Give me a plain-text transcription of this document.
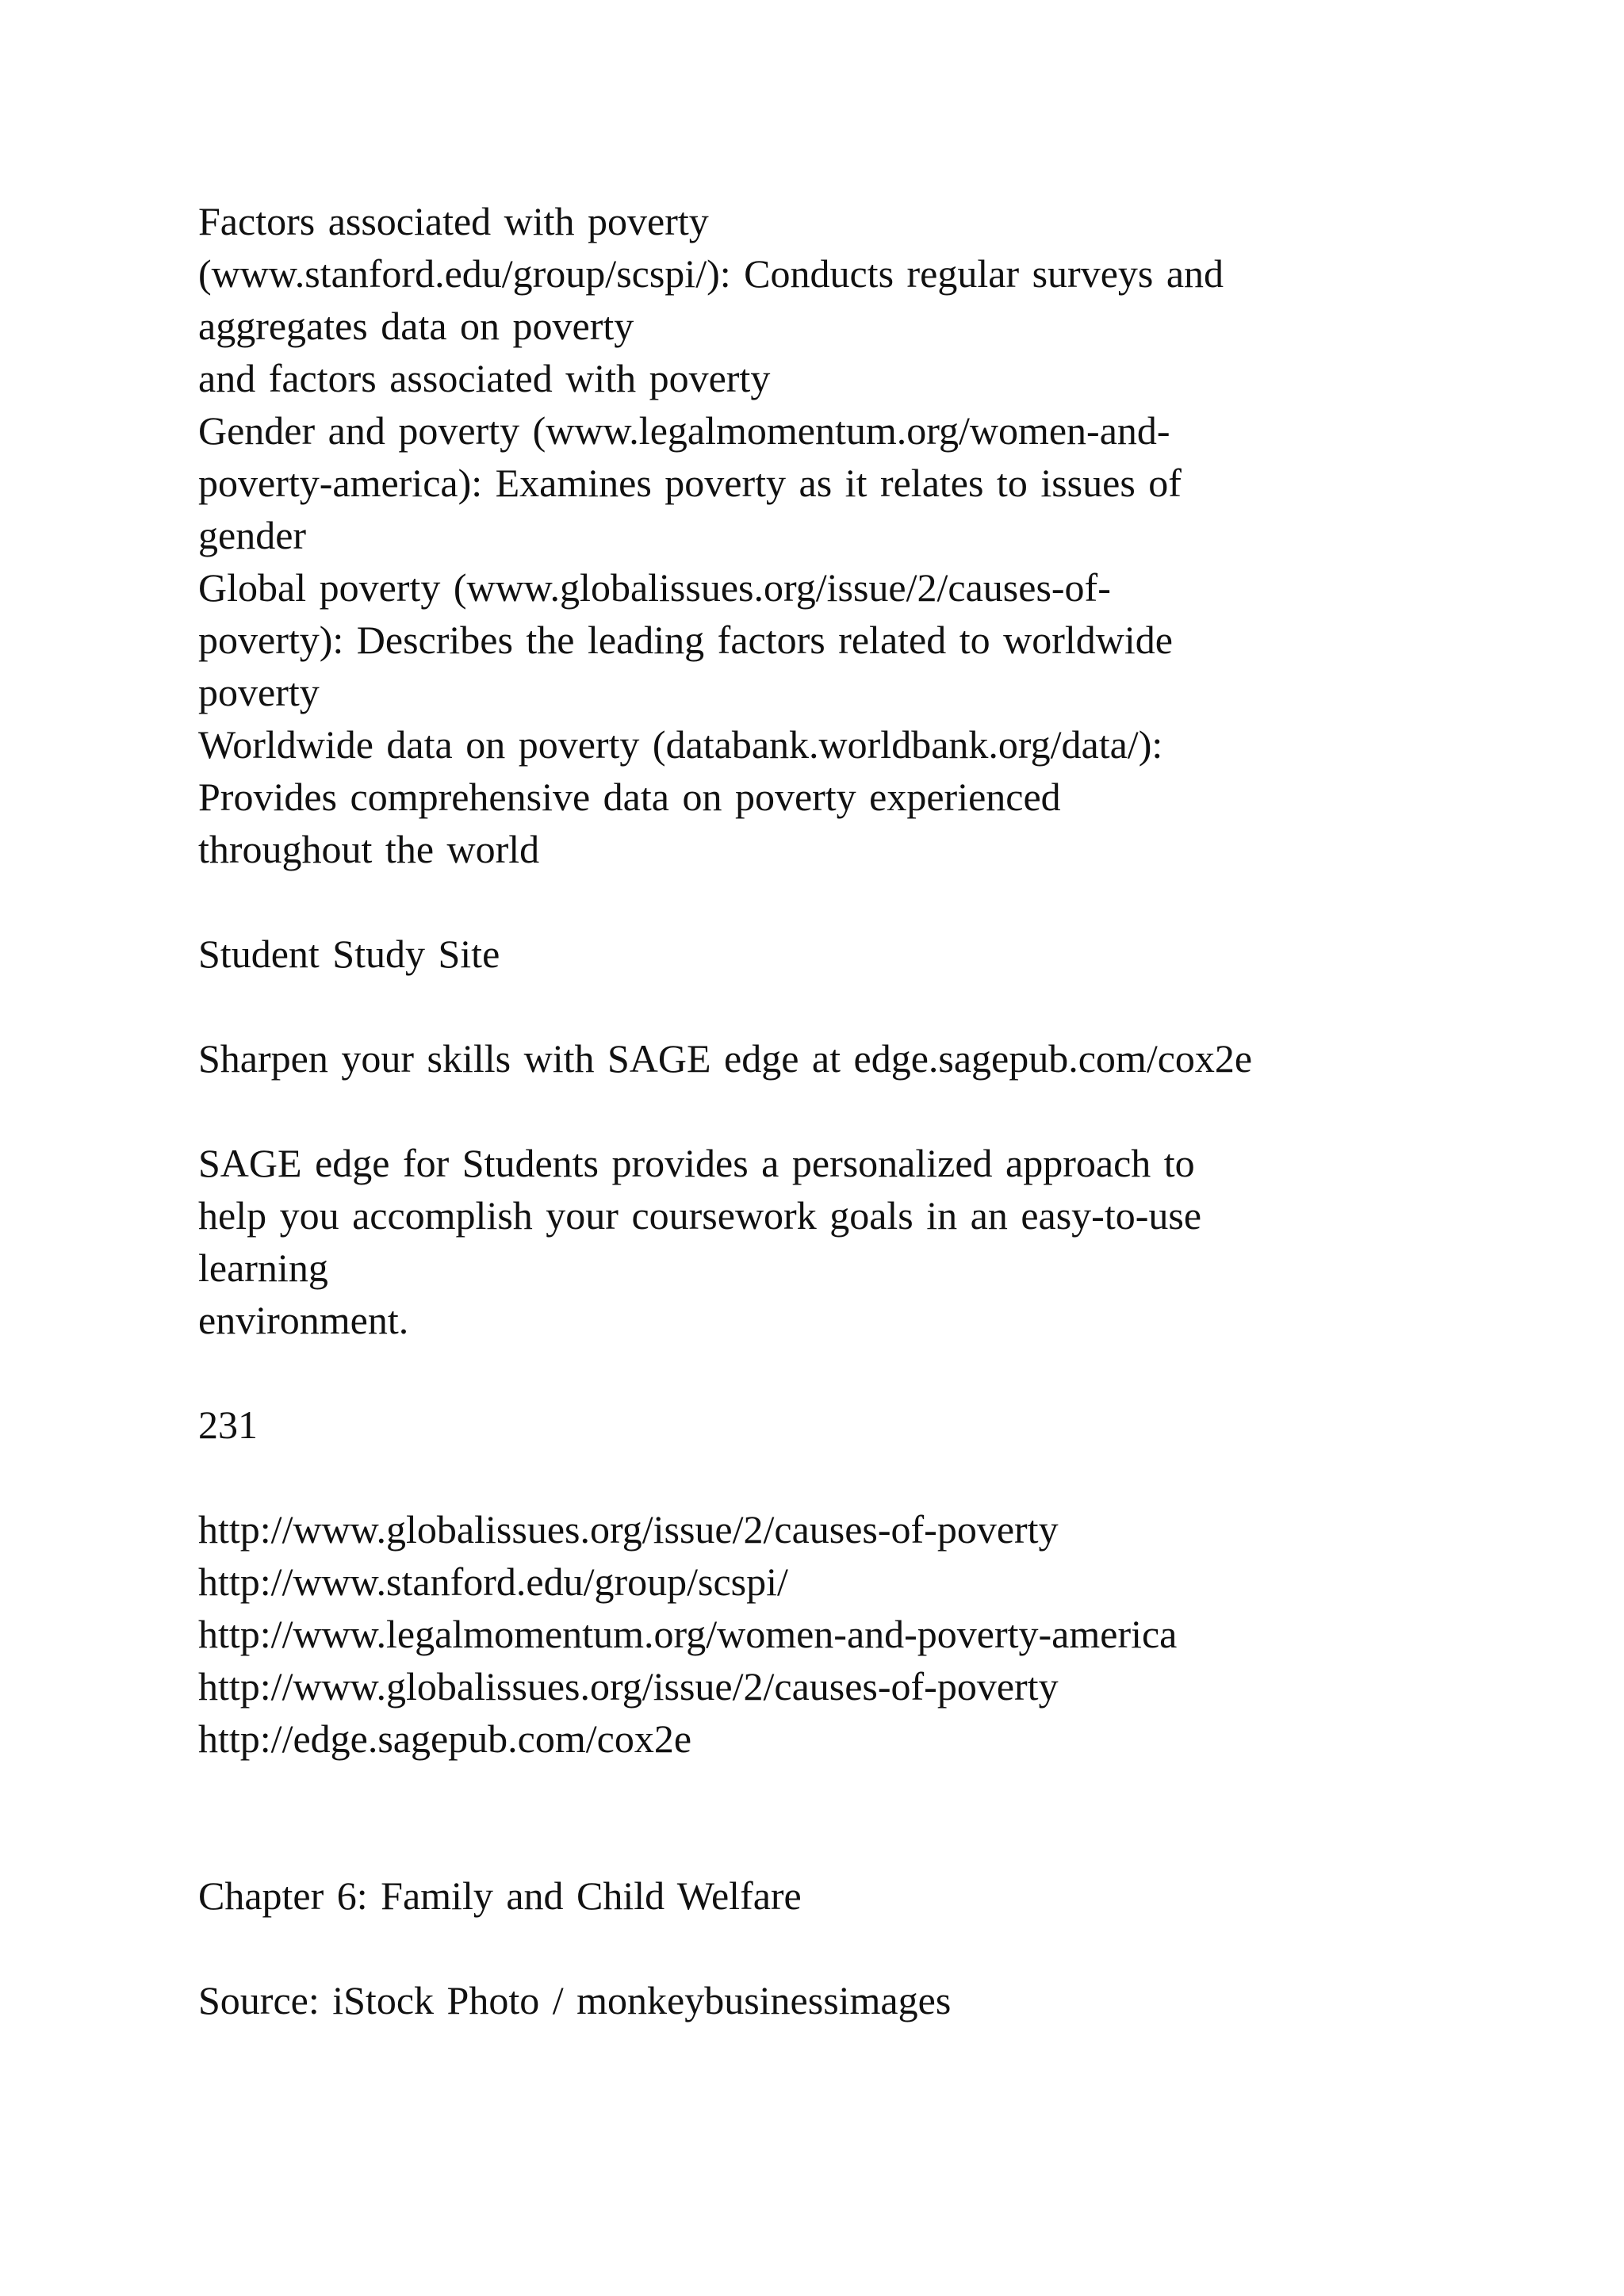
Factors associated with poverty
(www.stanford.edu/group/scspi/): Conducts regular surveys and
aggregates data on poverty
and factors associated with poverty
Gender and poverty (www.legalmomentum.org/women-and-
poverty-america): Examines poverty as it relates to issues of
gender
Global poverty (www.globalissues.org/issue/2/causes-of-
poverty): Describes the leading factors related to worldwide
poverty
Worldwide data on poverty (databank.worldbank.org/data/):
Provides comprehensive data on poverty experienced
throughout the world
Student Study Site
Sharpen your skills with SAGE edge at edge.sagepub.com/cox2e
SAGE edge for Students provides a personalized approach to
help you accomplish your coursework goals in an easy-to-use
learning
environment.
231
http://www.globalissues.org/issue/2/causes-of-poverty
http://www.stanford.edu/group/scspi/
http://www.legalmomentum.org/women-and-poverty-america
http://www.globalissues.org/issue/2/causes-of-poverty
http://edge.sagepub.com/cox2e
Chapter 6: Family and Child Welfare
Source: iStock Photo / monkeybusinessimages
